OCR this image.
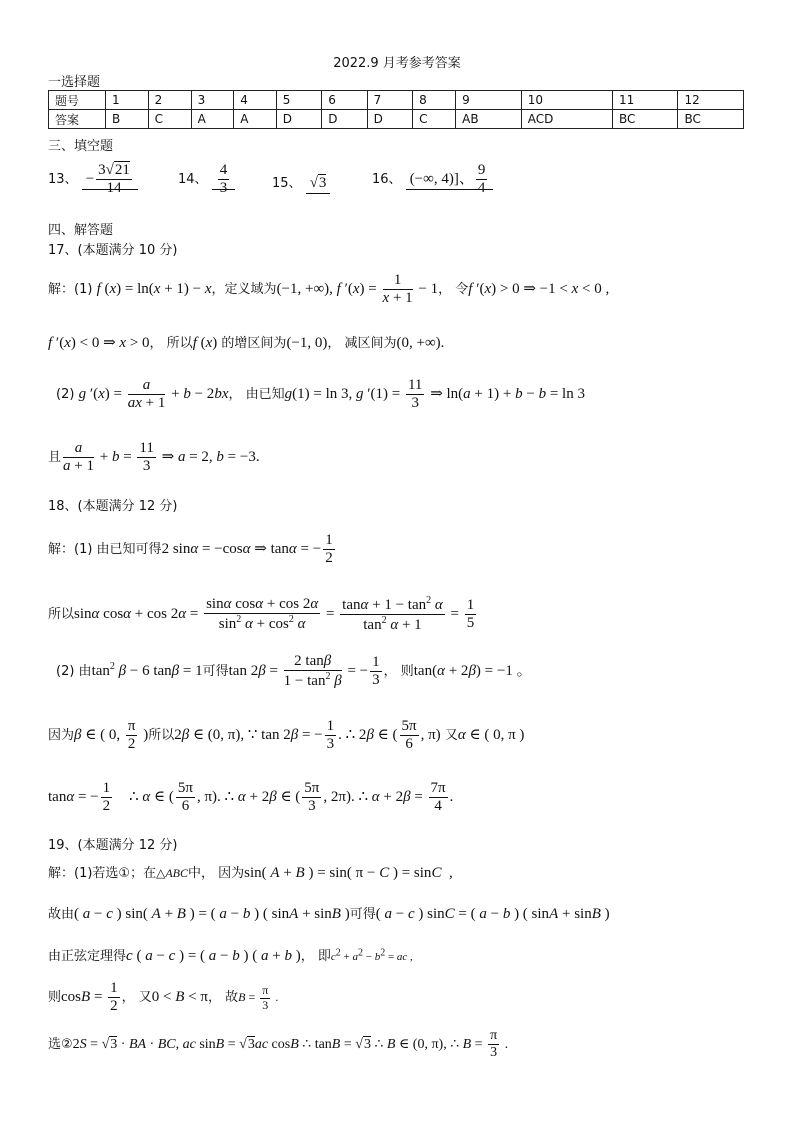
2022.9 月考参考答案
一选择题
题号	1	2	3	4	5	6	7	8	9	10	11	12
答案	B	C	A	A	D	D	D	C	AB	ACD	BC	BC
三、填空题
13、 − $\frac{3√21}{14}$	14、 $\frac{4}{3}$	15、 √3	16、 (−∞, 4)]、 $\frac{9}{4}$
四、解答题
17、(本题满分 10 分)
解：(1) f (x) = ln(x + 1) − x，定义域为(−1, +∞), f $'(x) = \frac{1}{x + 1} - 1$， 令f ′(x) > 0 ⇒ −1 < x < 0 ,
f ′(x) < 0 ⇒ x > 0， 所以f (x) 的增区间为(−1, 0)， 减区间为(0, +∞).
(2) g $'(x) = \frac{a}{ax + 1} + b - 2bx$， 由已知g(1) = ln 3, g $'(1) = \frac{11}{3}$ ⇒ ln(a + 1) + b − b = ln 3
且 $\frac{a}{a + 1} + b = \frac{11}{3}$ ⇒ a = 2, b = −3.
18、(本题满分 12 分)
解：(1) 由已知可得2 sinα = −cosα ⇒ tanα = − $\frac{1}{2}$
所以sinα $\cos\alpha + \cos 2\alpha = \frac{\text{sinα cosα + cos 2α}}{\sin^2 \alpha + \cos^2 \alpha} = \frac{\tan\alpha + 1 - \tan^2 \alpha}{\tan^2 \alpha + 1} = \frac{1}{5}$
(2) 由$\tan^2 \beta - 6$ tanβ = 1可得$\tan 2\beta = \frac{2 \tan\beta}{1 - \tan^2 \beta}$ = − $\frac{1}{3}$ ， 则tan(α + 2β) = −1 。
因为β ∈ ( 0, $\frac{\pi}{2}$ )所以2β ∈ (0, π), ∵ tan 2β = − $\frac{1}{3}$ . ∴ 2β ∈ ( $\frac{5\pi}{6}$ , π) 又α ∈ ( 0, π )
tanα = − $\frac{1}{2}$ ∴ α ∈ ( $\frac{5\pi}{6}$ , π). ∴ α + 2β ∈ ( $\frac{5\pi}{3}$ , 2π). ∴ $\alpha + 2\beta = \frac{7\pi}{4}$ .
19、(本题满分 12 分)
解：(1)若选①；在△ABC中， 因为sin( A + B ) = sin( π − C ) = sinC  ,
故由( a − c ) sin( A + B ) = ( a − b ) ( sinA + sinB )可得( a − c ) sinC = ( a − b ) ( sinA + sinB )
由正弦定理得c ( a − c ) = ( a − b ) ( a + b )， 即$c^2 + a^2 - b^2$ = ac ,
则$\cos B = \frac{1}{2}$ ， 又0 < B < π， 故$B = \frac{\pi}{3}$ .
选②2S = √3 · BA · BC, ac sinB = √3ac cosB ∴ tanB = √3 ∴ B ∈ (0, π), ∴ $B = \frac{\pi}{3}$ .
